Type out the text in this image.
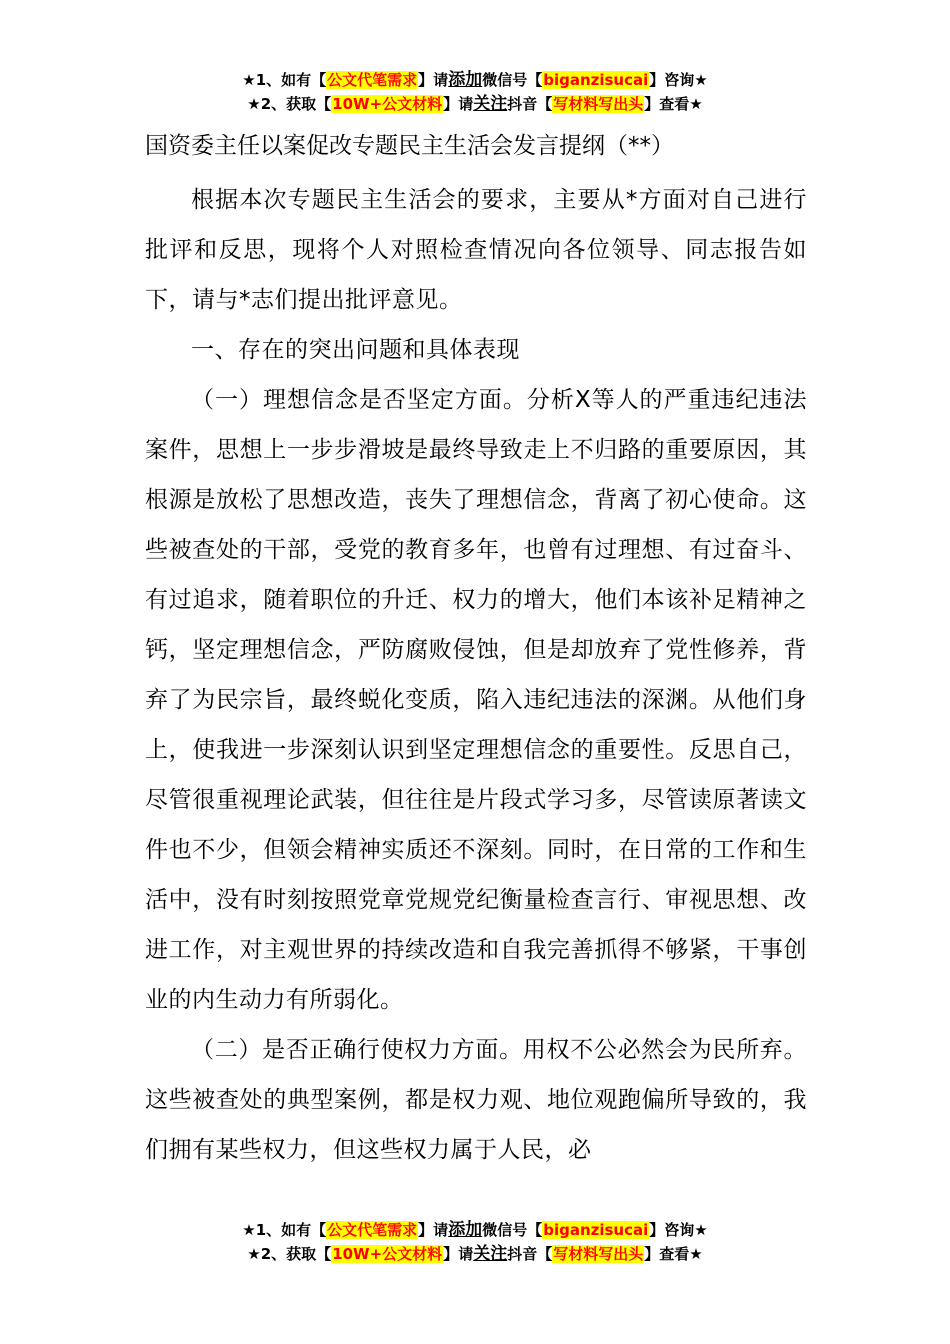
★1、如有【公文代笔需求】请添加微信号【biganzisucai】咨询★
★2、获取【10W+公文材料】请关注抖音【写材料写出头】查看★

国资委主任以案促改专题民主生活会发言提纲（**）

根据本次专题民主生活会的要求，主要从*方面对自己进行批评和反思，现将个人对照检查情况向各位领导、同志报告如下，请与*志们提出批评意见。

一、存在的突出问题和具体表现

（一）理想信念是否坚定方面。分析X等人的严重违纪违法案件，思想上一步步滑坡是最终导致走上不归路的重要原因，其根源是放松了思想改造，丧失了理想信念，背离了初心使命。这些被查处的干部，受党的教育多年，也曾有过理想、有过奋斗、有过追求，随着职位的升迁、权力的增大，他们本该补足精神之钙，坚定理想信念，严防腐败侵蚀，但是却放弃了党性修养，背弃了为民宗旨，最终蜕化变质，陷入违纪违法的深渊。从他们身上，使我进一步深刻认识到坚定理想信念的重要性。反思自己，尽管很重视理论武装，但往往是片段式学习多，尽管读原著读文件也不少，但领会精神实质还不深刻。同时，在日常的工作和生活中，没有时刻按照党章党规党纪衡量检查言行、审视思想、改进工作，对主观世界的持续改造和自我完善抓得不够紧，干事创业的内生动力有所弱化。

（二）是否正确行使权力方面。用权不公必然会为民所弃。这些被查处的典型案例，都是权力观、地位观跑偏所导致的，我们拥有某些权力，但这些权力属于人民，必

★1、如有【公文代笔需求】请添加微信号【biganzisucai】咨询★
★2、获取【10W+公文材料】请关注抖音【写材料写出头】查看★
